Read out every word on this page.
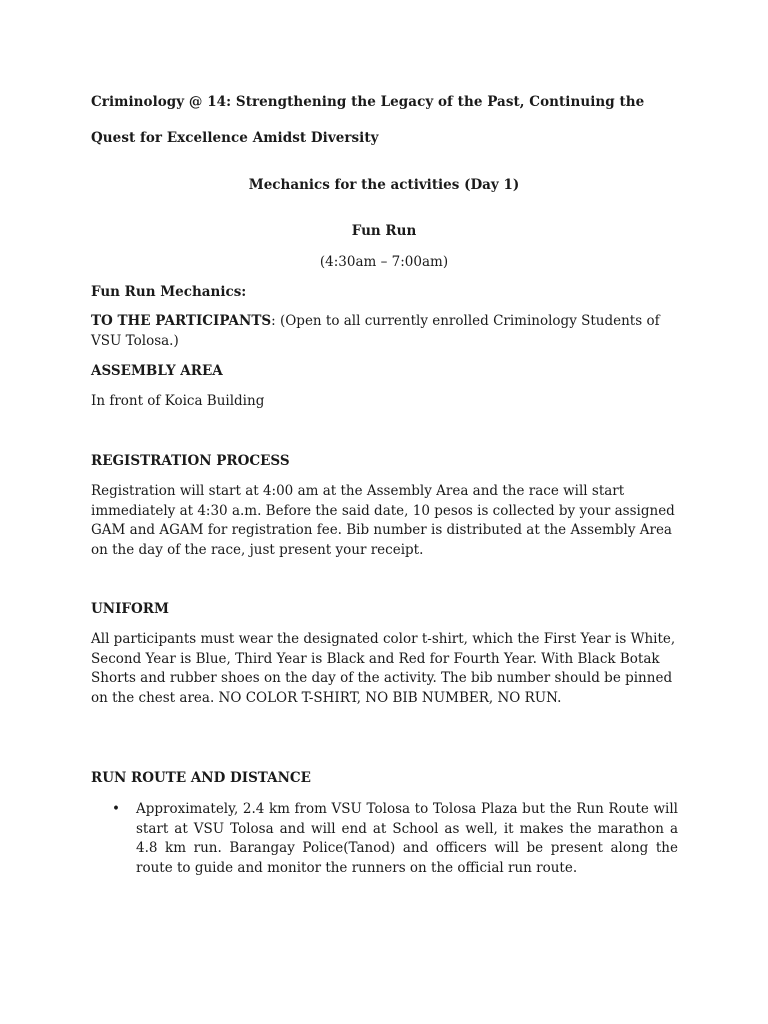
Criminology @ 14: Strengthening the Legacy of the Past, Continuing the

Quest for Excellence Amidst Diversity

Mechanics for the activities (Day 1)

Fun Run

(4:30am – 7:00am)

Fun Run Mechanics:

TO THE PARTICIPANTS: (Open to all currently enrolled Criminology Students of VSU Tolosa.)

ASSEMBLY AREA

In front of Koica Building

REGISTRATION PROCESS

Registration will start at 4:00 am at the Assembly Area and the race will start immediately at 4:30 a.m. Before the said date, 10 pesos is collected by your assigned GAM and AGAM for registration fee. Bib number is distributed at the Assembly Area on the day of the race, just present your receipt.

UNIFORM

All participants must wear the designated color t-shirt, which the First Year is White, Second Year is Blue, Third Year is Black and Red for Fourth Year. With Black Botak Shorts and rubber shoes on the day of the activity. The bib number should be pinned on the chest area. NO COLOR T-SHIRT, NO BIB NUMBER, NO RUN.

RUN ROUTE AND DISTANCE

• Approximately, 2.4 km from VSU Tolosa to Tolosa Plaza but the Run Route will start at VSU Tolosa and will end at School as well, it makes the marathon a 4.8 km run. Barangay Police(Tanod) and officers will be present along the route to guide and monitor the runners on the official run route.
